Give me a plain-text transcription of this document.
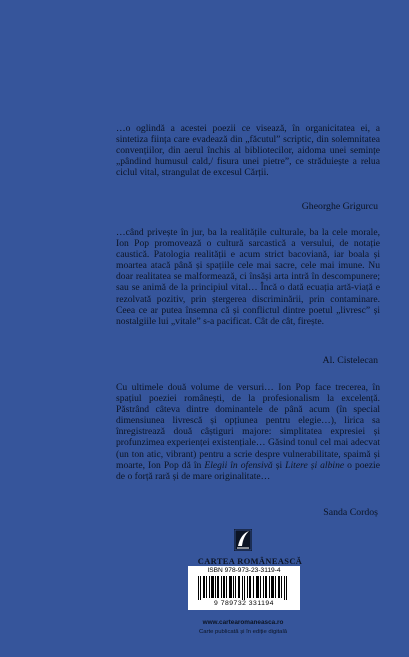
…o oglindă a acestei poezii ce visează, în organicitatea ei, a sintetiza ființa care evadează din „făcutul” scriptic, din solemnitatea convențiilor, din aerul închis al bibliotecilor, aidoma unei semințe „pândind humusul cald,/ fisura unei pietre”, ce străduiește a relua ciclul vital, strangulat de excesul Cărții.

Gheorghe Grigurcu

…când privește în jur, ba la realitățile culturale, ba la cele morale, Ion Pop promovează o cultură sarcastică a versului, de notație caustică. Patologia realității e acum strict bacoviană, iar boala și moartea atacă până și spațiile cele mai sacre, cele mai imune. Nu doar realitatea se malformează, ci însăși arta intră în descompunere; sau se animă de la principiul vital… Încă o dată ecuația artă-viață e rezolvată pozitiv, prin ștergerea discriminării, prin contaminare. Ceea ce ar putea însemna că și conflictul dintre poetul „livresc” și nostalgiile lui „vitale” s-a pacificat. Cât de cât, firește.

Al. Cistelecan

Cu ultimele două volume de versuri… Ion Pop face trecerea, în spațiul poeziei românești, de la profesionalism la excelență. Păstrând câteva dintre dominantele de până acum (în special dimensiunea livrescă și opțiunea pentru elegie…), lirica sa înregistrează două câștiguri majore: simplitatea expresiei și profunzimea experienței existențiale… Găsind tonul cel mai adecvat (un ton atic, vibrant) pentru a scrie despre vulnerabilitate, spaimă și moarte, Ion Pop dă în Elegii în ofensivă și Litere și albine o poezie de o forță rară și de mare originalitate…

Sanda Cordoș
CARTEA ROMÂNEASCĂ
ISBN 978-973-23-3119-4
9 789732 331194
www.cartearomaneasca.ro
Carte publicată și în ediție digitală
